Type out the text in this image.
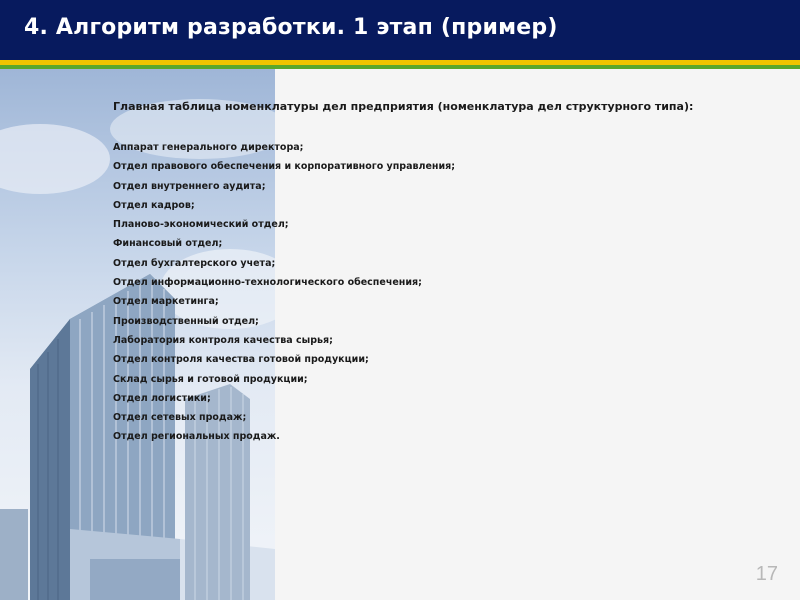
4. Алгоритм разработки. 1 этап (пример)
Главная таблица номенклатуры дел предприятия (номенклатура дел структурного типа):
Аппарат генерального директора;
Отдел правового обеспечения и корпоративного управления;
Отдел внутреннего аудита;
Отдел кадров;
Планово-экономический отдел;
Финансовый отдел;
Отдел бухгалтерского учета;
Отдел информационно-технологического обеспечения;
Отдел маркетинга;
Производственный отдел;
Лаборатория контроля качества сырья;
Отдел контроля качества готовой продукции;
Склад сырья и готовой продукции;
Отдел логистики;
Отдел сетевых продаж;
Отдел региональных продаж.
17
